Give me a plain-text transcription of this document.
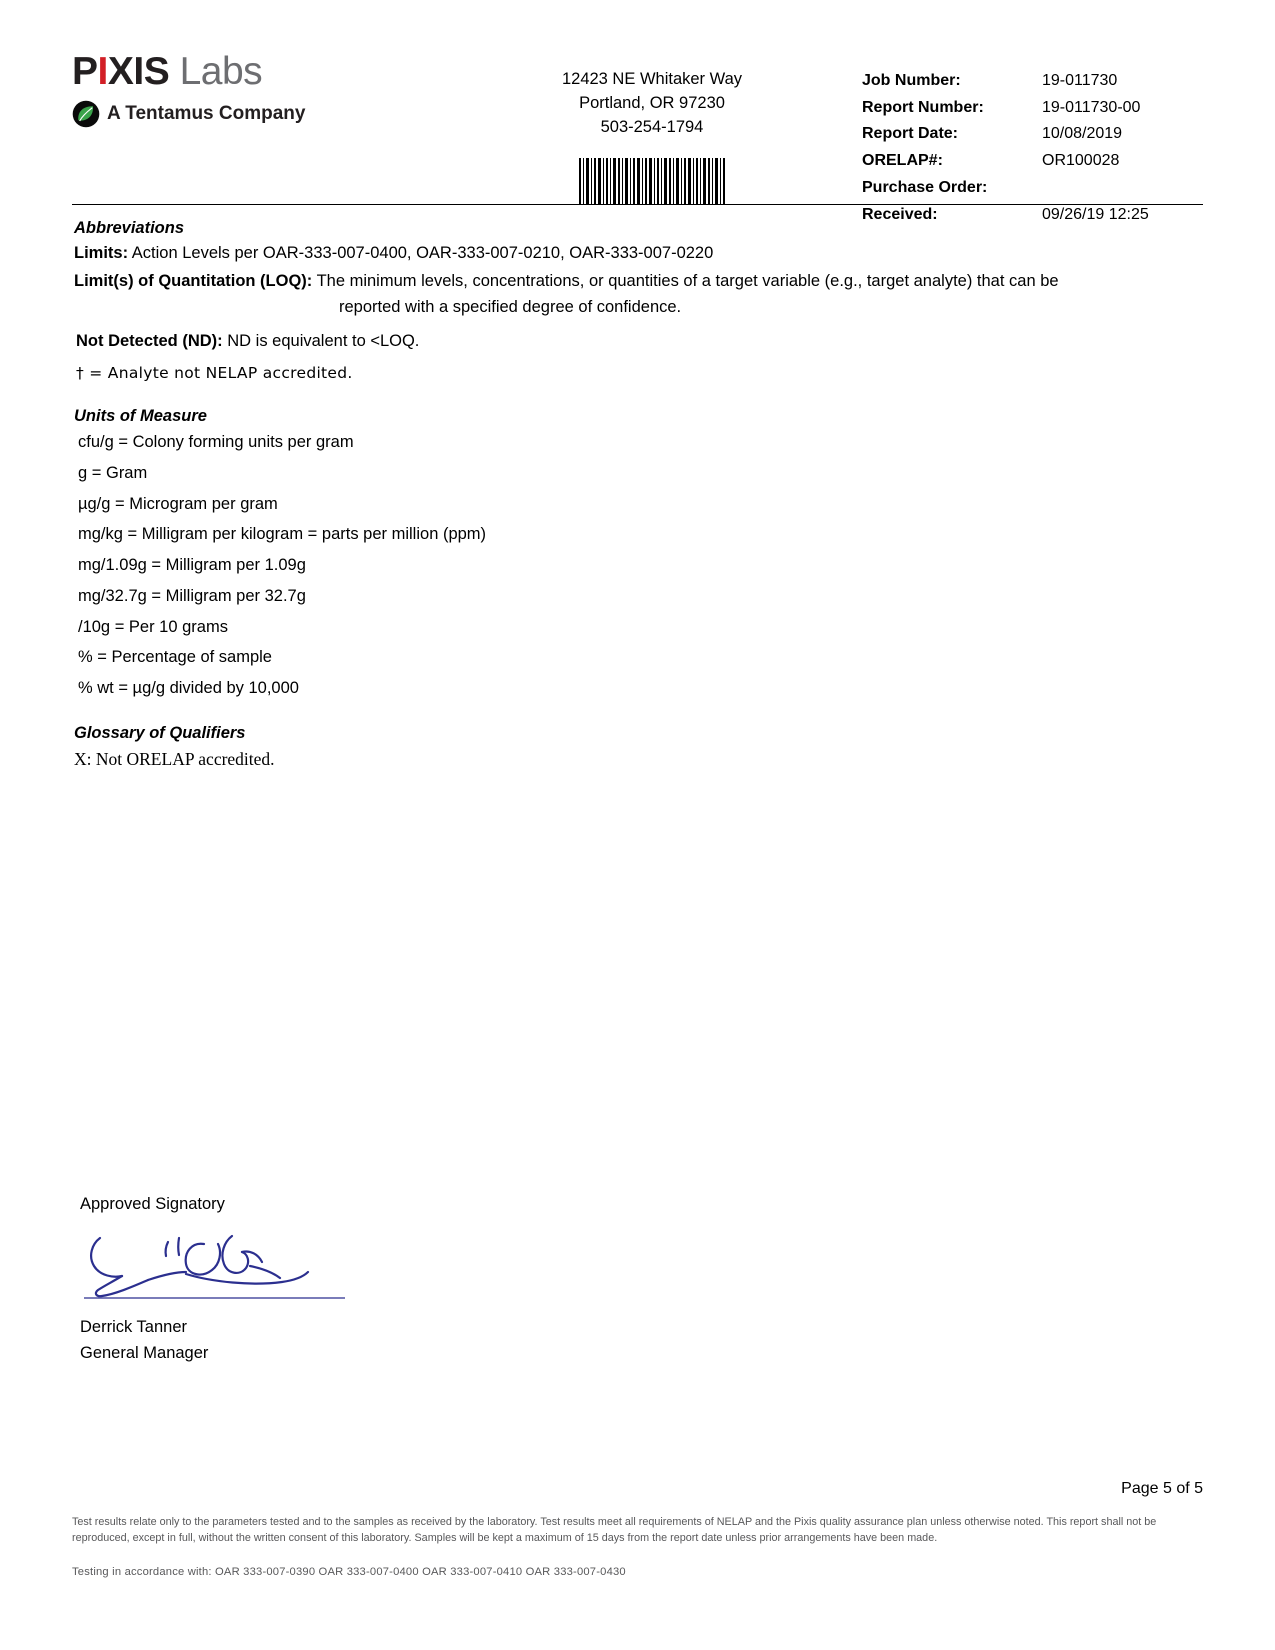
PIXIS Labs
A Tentamus Company
12423 NE Whitaker Way
Portland, OR 97230
503-254-1794
Job Number:	19-011730
Report Number:	19-011730-00
Report Date:	10/08/2019
ORELAP#:	OR100028
Purchase Order:
Received:	09/26/19 12:25
Abbreviations
Limits: Action Levels per OAR-333-007-0400, OAR-333-007-0210, OAR-333-007-0220
Limit(s) of Quantitation (LOQ): The minimum levels, concentrations, or quantities of a target variable (e.g., target analyte) that can be
reported with a specified degree of confidence.
Not Detected (ND): ND is equivalent to <LOQ.
† = Analyte not NELAP accredited.
Units of Measure
cfu/g = Colony forming units per gram
g = Gram
µg/g = Microgram per gram
mg/kg = Milligram per kilogram = parts per million (ppm)
mg/1.09g = Milligram per 1.09g
mg/32.7g = Milligram per 32.7g
/10g = Per 10 grams
% = Percentage of sample
% wt = µg/g divided by 10,000
Glossary of Qualifiers
X: Not ORELAP accredited.
Approved Signatory
Derrick Tanner
General Manager
Page 5 of 5
Test results relate only to the parameters tested and to the samples as received by the laboratory. Test results meet all requirements of NELAP and the Pixis quality assurance plan unless otherwise noted. This report shall not be reproduced, except in full, without the written consent of this laboratory. Samples will be kept a maximum of 15 days from the report date unless prior arrangements have been made.
Testing in accordance with: OAR 333-007-0390 OAR 333-007-0400 OAR 333-007-0410 OAR 333-007-0430
